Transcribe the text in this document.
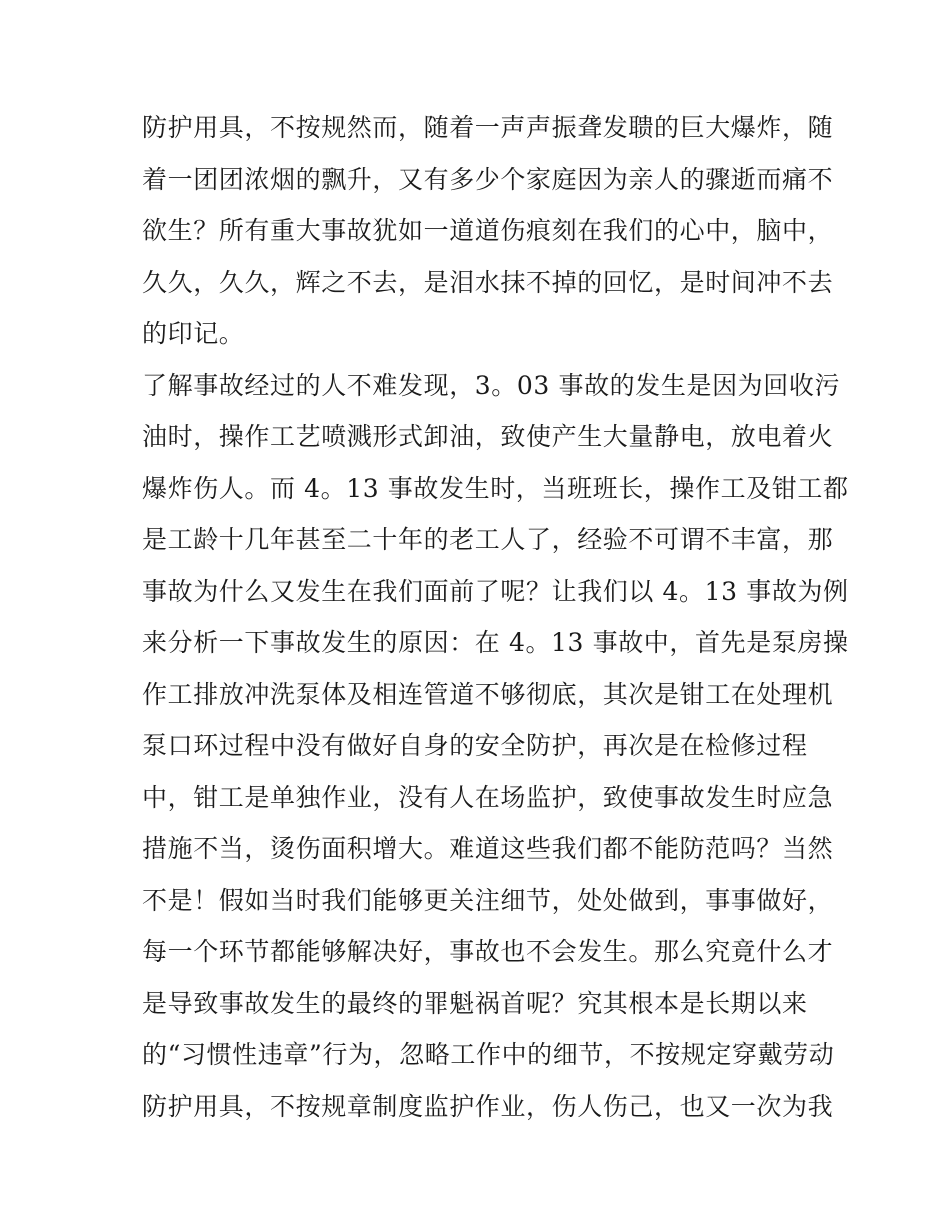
防护用具，不按规然而，随着一声声振聋发聩的巨大爆炸，随
着一团团浓烟的飘升，又有多少个家庭因为亲人的骤逝而痛不
欲生？所有重大事故犹如一道道伤痕刻在我们的心中，脑中，
久久，久久，辉之不去，是泪水抹不掉的回忆，是时间冲不去
的印记。
了解事故经过的人不难发现，3。03 事故的发生是因为回收污
油时，操作工艺喷溅形式卸油，致使产生大量静电，放电着火
爆炸伤人。而 4。13 事故发生时，当班班长，操作工及钳工都
是工龄十几年甚至二十年的老工人了，经验不可谓不丰富，那
事故为什么又发生在我们面前了呢？让我们以 4。13 事故为例
来分析一下事故发生的原因：在 4。13 事故中，首先是泵房操
作工排放冲洗泵体及相连管道不够彻底，其次是钳工在处理机
泵口环过程中没有做好自身的安全防护，再次是在检修过程
中，钳工是单独作业，没有人在场监护，致使事故发生时应急
措施不当，烫伤面积增大。难道这些我们都不能防范吗？当然
不是！假如当时我们能够更关注细节，处处做到，事事做好，
每一个环节都能够解决好，事故也不会发生。那么究竟什么才
是导致事故发生的最终的罪魁祸首呢？究其根本是长期以来
的“习惯性违章”行为，忽略工作中的细节，不按规定穿戴劳动
防护用具，不按规章制度监护作业，伤人伤己，也又一次为我
